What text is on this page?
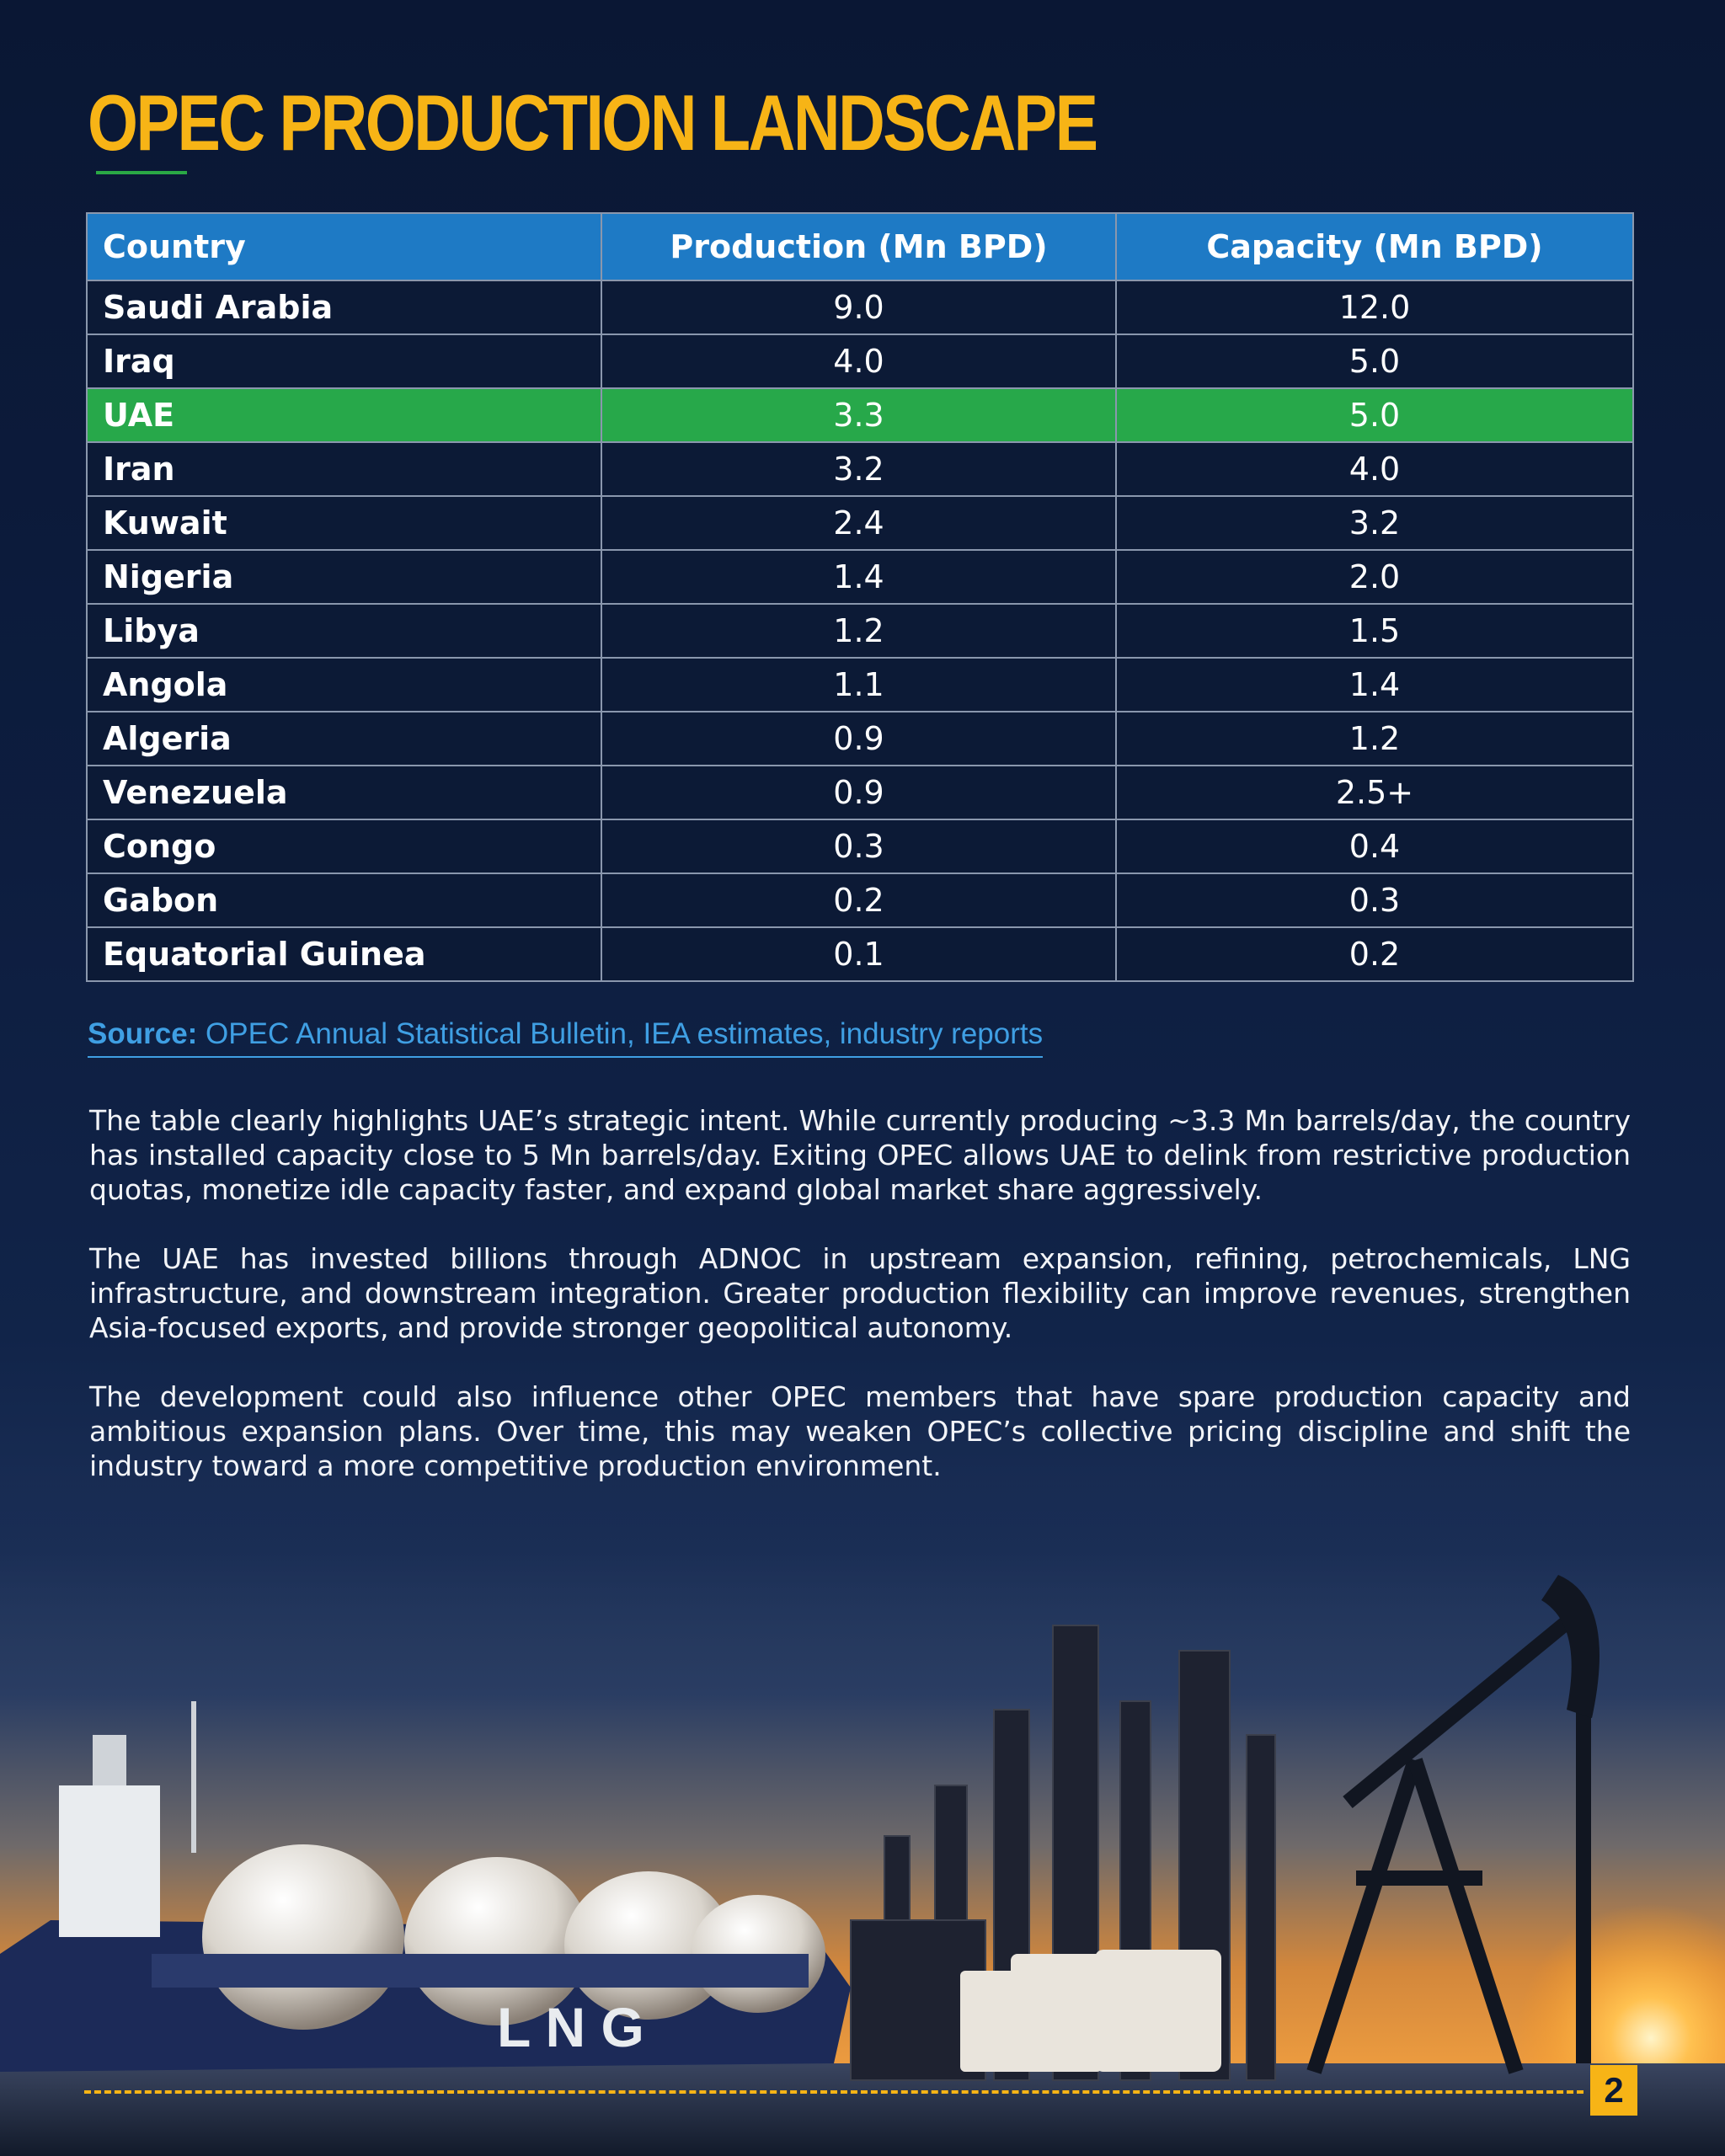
OPEC PRODUCTION LANDSCAPE
Country	Production (Mn BPD)	Capacity (Mn BPD)
Saudi Arabia	9.0	12.0
Iraq	4.0	5.0
UAE	3.3	5.0
Iran	3.2	4.0
Kuwait	2.4	3.2
Nigeria	1.4	2.0
Libya	1.2	1.5
Angola	1.1	1.4
Algeria	0.9	1.2
Venezuela	0.9	2.5+
Congo	0.3	0.4
Gabon	0.2	0.3
Equatorial Guinea	0.1	0.2
Source: OPEC Annual Statistical Bulletin, IEA estimates, industry reports

The table clearly highlights UAE’s strategic intent. While currently producing ~3.3 Mn barrels/day, the country has installed capacity close to 5 Mn barrels/day. Exiting OPEC allows UAE to delink from restrictive production quotas, monetize idle capacity faster, and expand global market share aggressively.

The UAE has invested billions through ADNOC in upstream expansion, refining, petrochemicals, LNG infrastructure, and downstream integration. Greater production flexibility can improve revenues, strengthen Asia-focused exports, and provide stronger geopolitical autonomy.

The development could also influence other OPEC members that have spare production capacity and ambitious expansion plans. Over time, this may weaken OPEC’s collective pricing discipline and shift the industry toward a more competitive production environment.

L N G
2
